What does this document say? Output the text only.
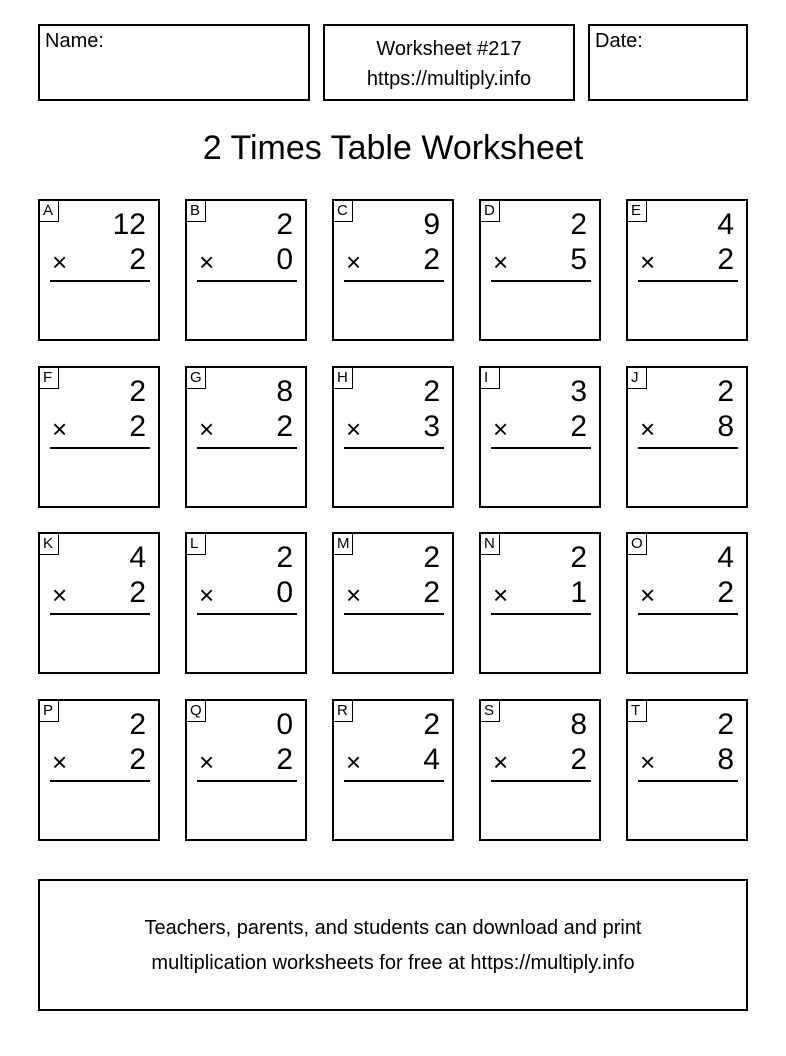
Name:	Worksheet #217
https://multiply.info
Date:
2 Times Table Worksheet
A 12
× 2
B	2
× 0
C	9
× 2
D	2
× 5
E	4
× 2
F	2
× 2
G 8
× 2
H	2
× 3
I	3
× 2
J	2
× 8
K	4
× 2
L	2
× 0
M 2
× 2
N	2
× 1
O 4
× 2
P	2
× 2
Q 0
× 2
R	2
× 4
S	8
× 2
T	2
× 8
Teachers, parents, and students can download and print
multiplication worksheets for free at https://multiply.info
